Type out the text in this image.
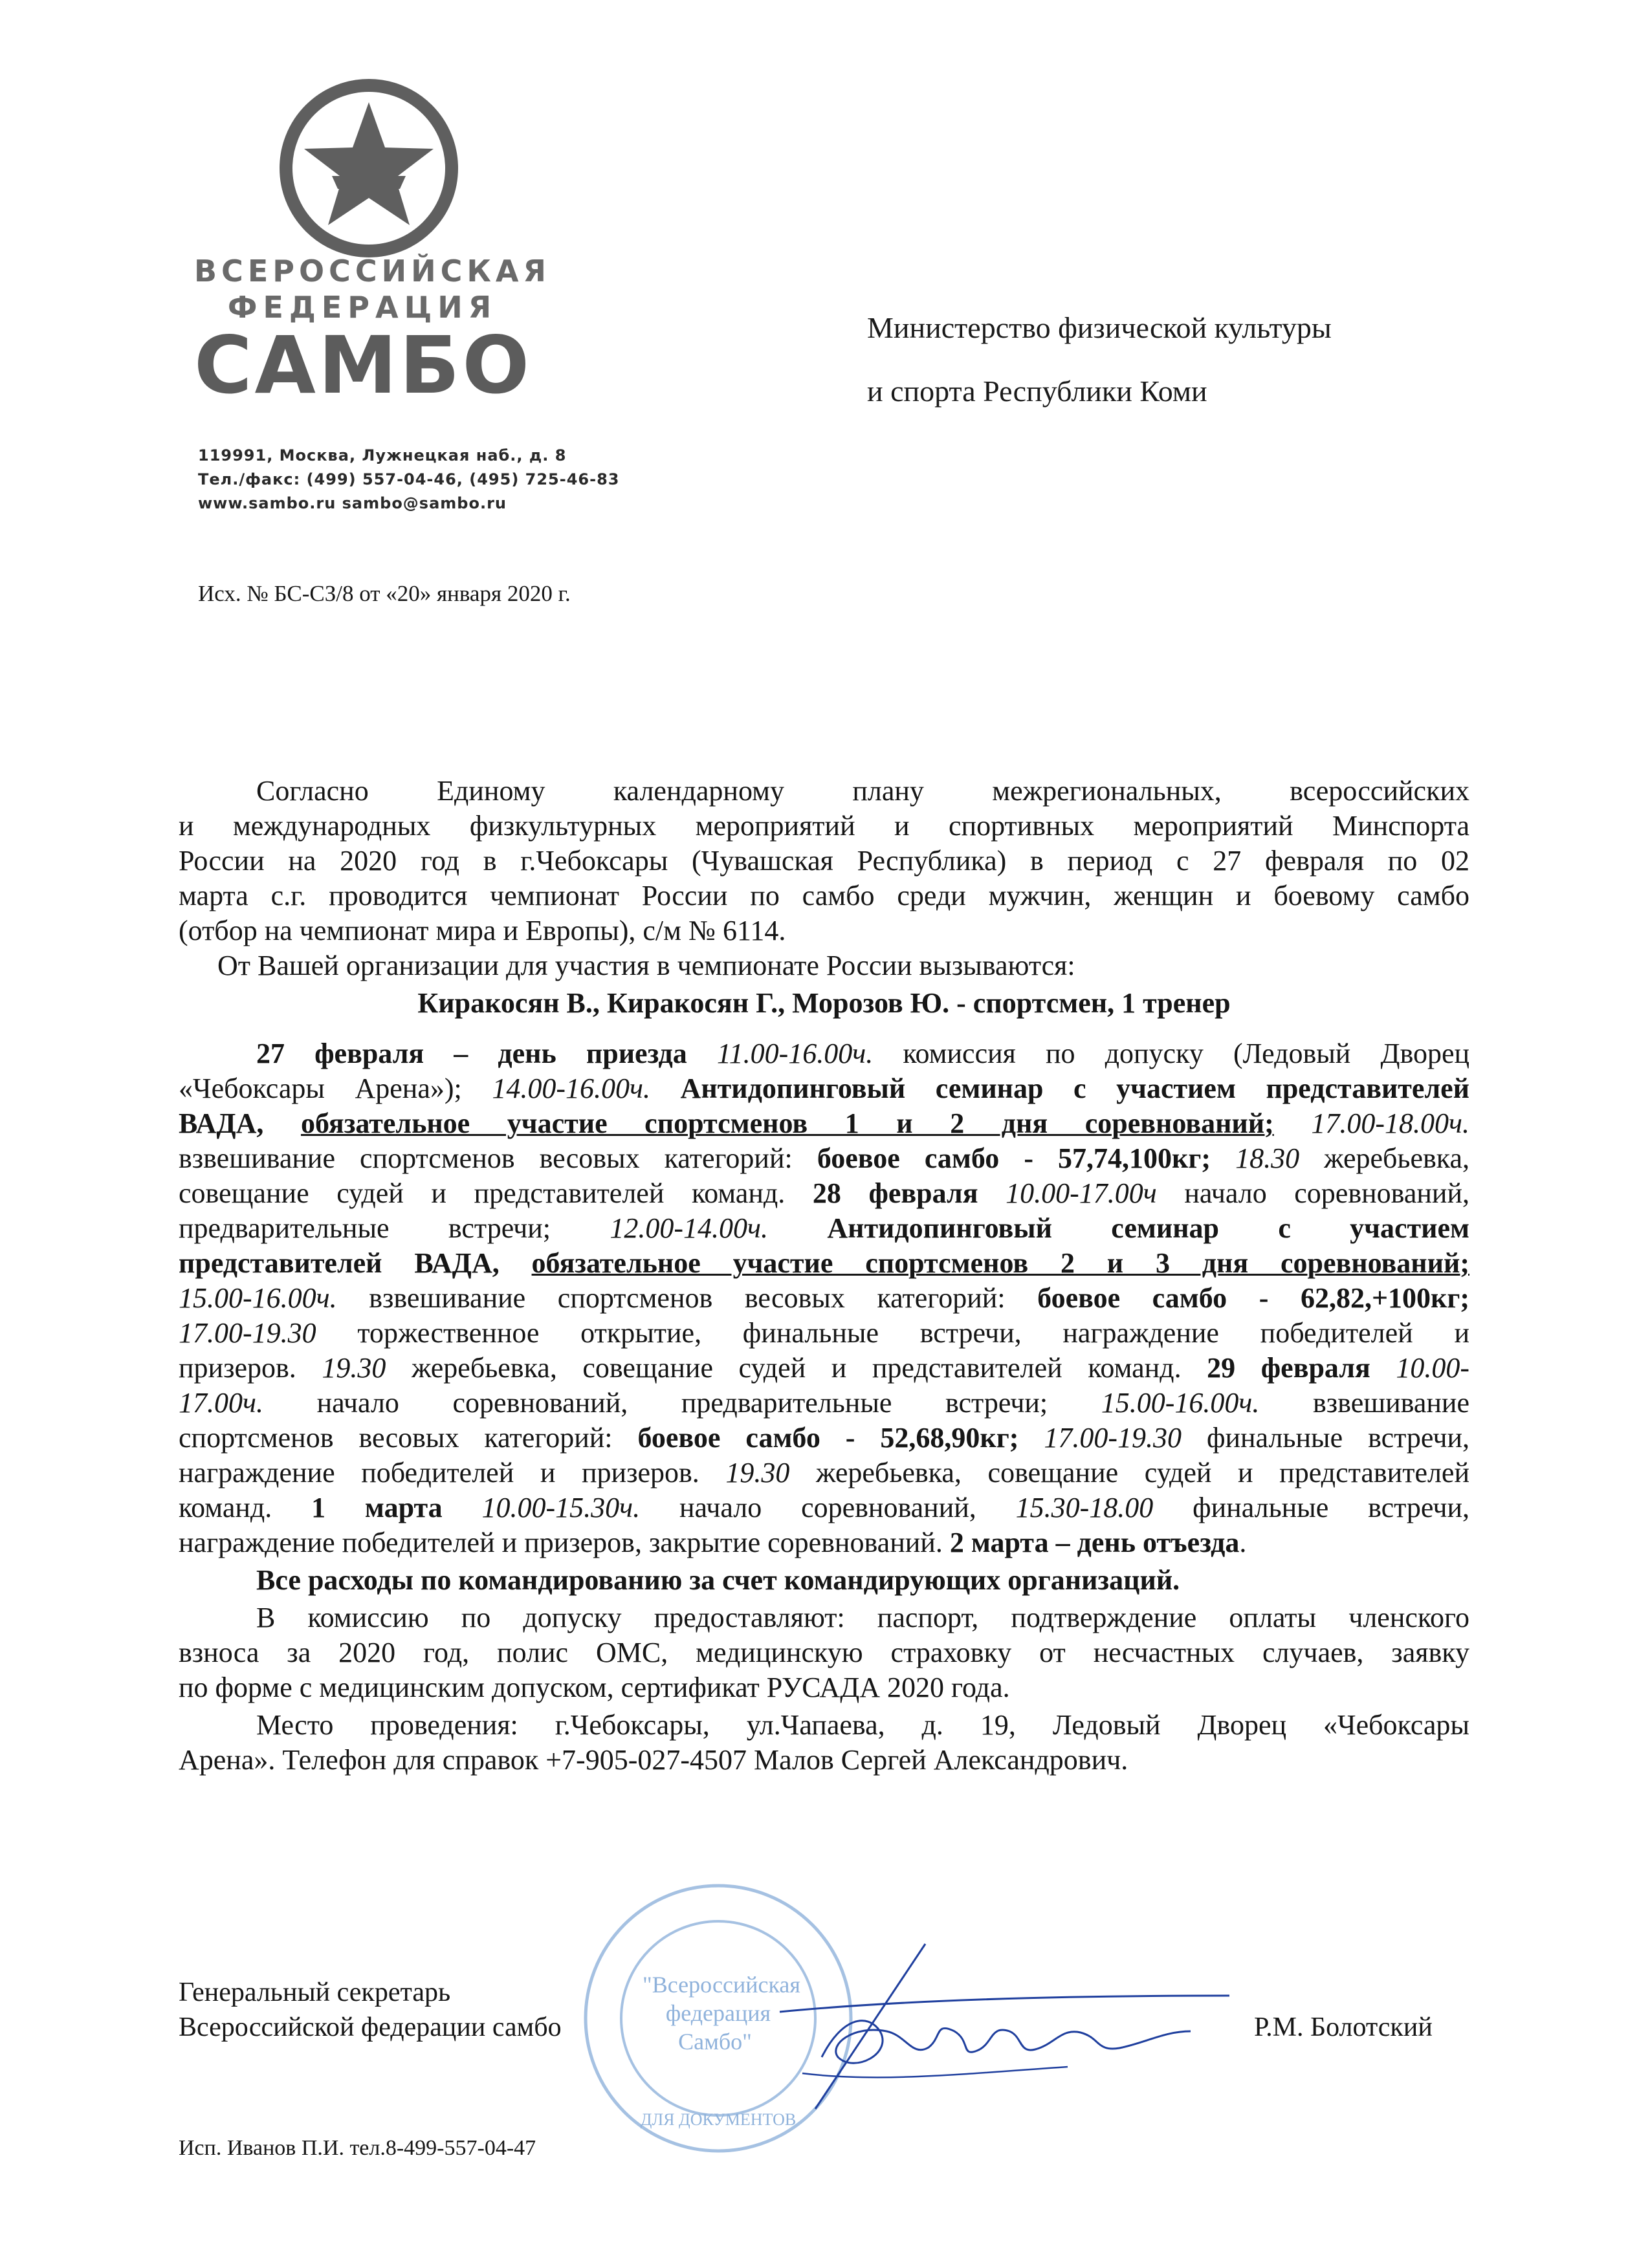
ВСЕРОССИЙСКАЯ
ФЕДЕРАЦИЯ
САМБО
119991, Москва, Лужнецкая наб., д. 8
Тел./факс: (499) 557-04-46, (495) 725-46-83
www.sambo.ru sambo@sambo.ru
Министерство физической культуры
и спорта Республики Коми
Исх. № БС-СЗ/8 от «20» января 2020 г.
Согласно Единому календарному плану межрегиональных, всероссийских
и международных физкультурных мероприятий и спортивных мероприятий Минспорта
России на 2020 год в г.Чебоксары (Чувашская Республика) в период с 27 февраля по 02
марта с.г. проводится чемпионат России по самбо среди мужчин, женщин и боевому самбо
(отбор на чемпионат мира и Европы), с/м № 6114.
От Вашей организации для участия в чемпионате России вызываются:
Киракосян В., Киракосян Г., Морозов Ю. - спортсмен, 1 тренер
27 февраля – день приезда 11.00-16.00ч. комиссия по допуску (Ледовый Дворец
«Чебоксары Арена»); 14.00-16.00ч. Антидопинговый семинар с участием представителей
ВАДА, обязательное участие спортсменов 1 и 2 дня соревнований; 17.00-18.00ч.
взвешивание спортсменов весовых категорий: боевое самбо - 57,74,100кг; 18.30 жеребьевка,
совещание судей и представителей команд. 28 февраля 10.00-17.00ч начало соревнований,
предварительные встречи; 12.00-14.00ч. Антидопинговый семинар с участием
представителей ВАДА, обязательное участие спортсменов 2 и 3 дня соревнований;
15.00-16.00ч. взвешивание спортсменов весовых категорий: боевое самбо - 62,82,+100кг;
17.00-19.30 торжественное открытие, финальные встречи, награждение победителей и
призеров. 19.30 жеребьевка, совещание судей и представителей команд. 29 февраля 10.00-
17.00ч. начало соревнований, предварительные встречи; 15.00-16.00ч. взвешивание
спортсменов весовых категорий: боевое самбо - 52,68,90кг; 17.00-19.30 финальные встречи,
награждение победителей и призеров. 19.30 жеребьевка, совещание судей и представителей
команд. 1 марта 10.00-15.30ч. начало соревнований, 15.30-18.00 финальные встречи,
награждение победителей и призеров, закрытие соревнований. 2 марта – день отъезда.
Все расходы по командированию за счет командирующих организаций.
В комиссию по допуску предоставляют: паспорт, подтверждение оплаты членского
взноса за 2020 год, полис ОМС, медицинскую страховку от несчастных случаев, заявку
по форме с медицинским допуском, сертификат РУСАДА 2020 года.
Место проведения: г.Чебоксары, ул.Чапаева, д. 19, Ледовый Дворец «Чебоксары
Арена». Телефон для справок +7-905-027-4507 Малов Сергей Александрович.
ДЛЯ ДОКУМЕНТОВ
"Всероссийская
федерация
Самбо"
Генеральный секретарь
Всероссийской федерации самбо	Р.М. Болотский
Исп. Иванов П.И. тел.8-499-557-04-47
